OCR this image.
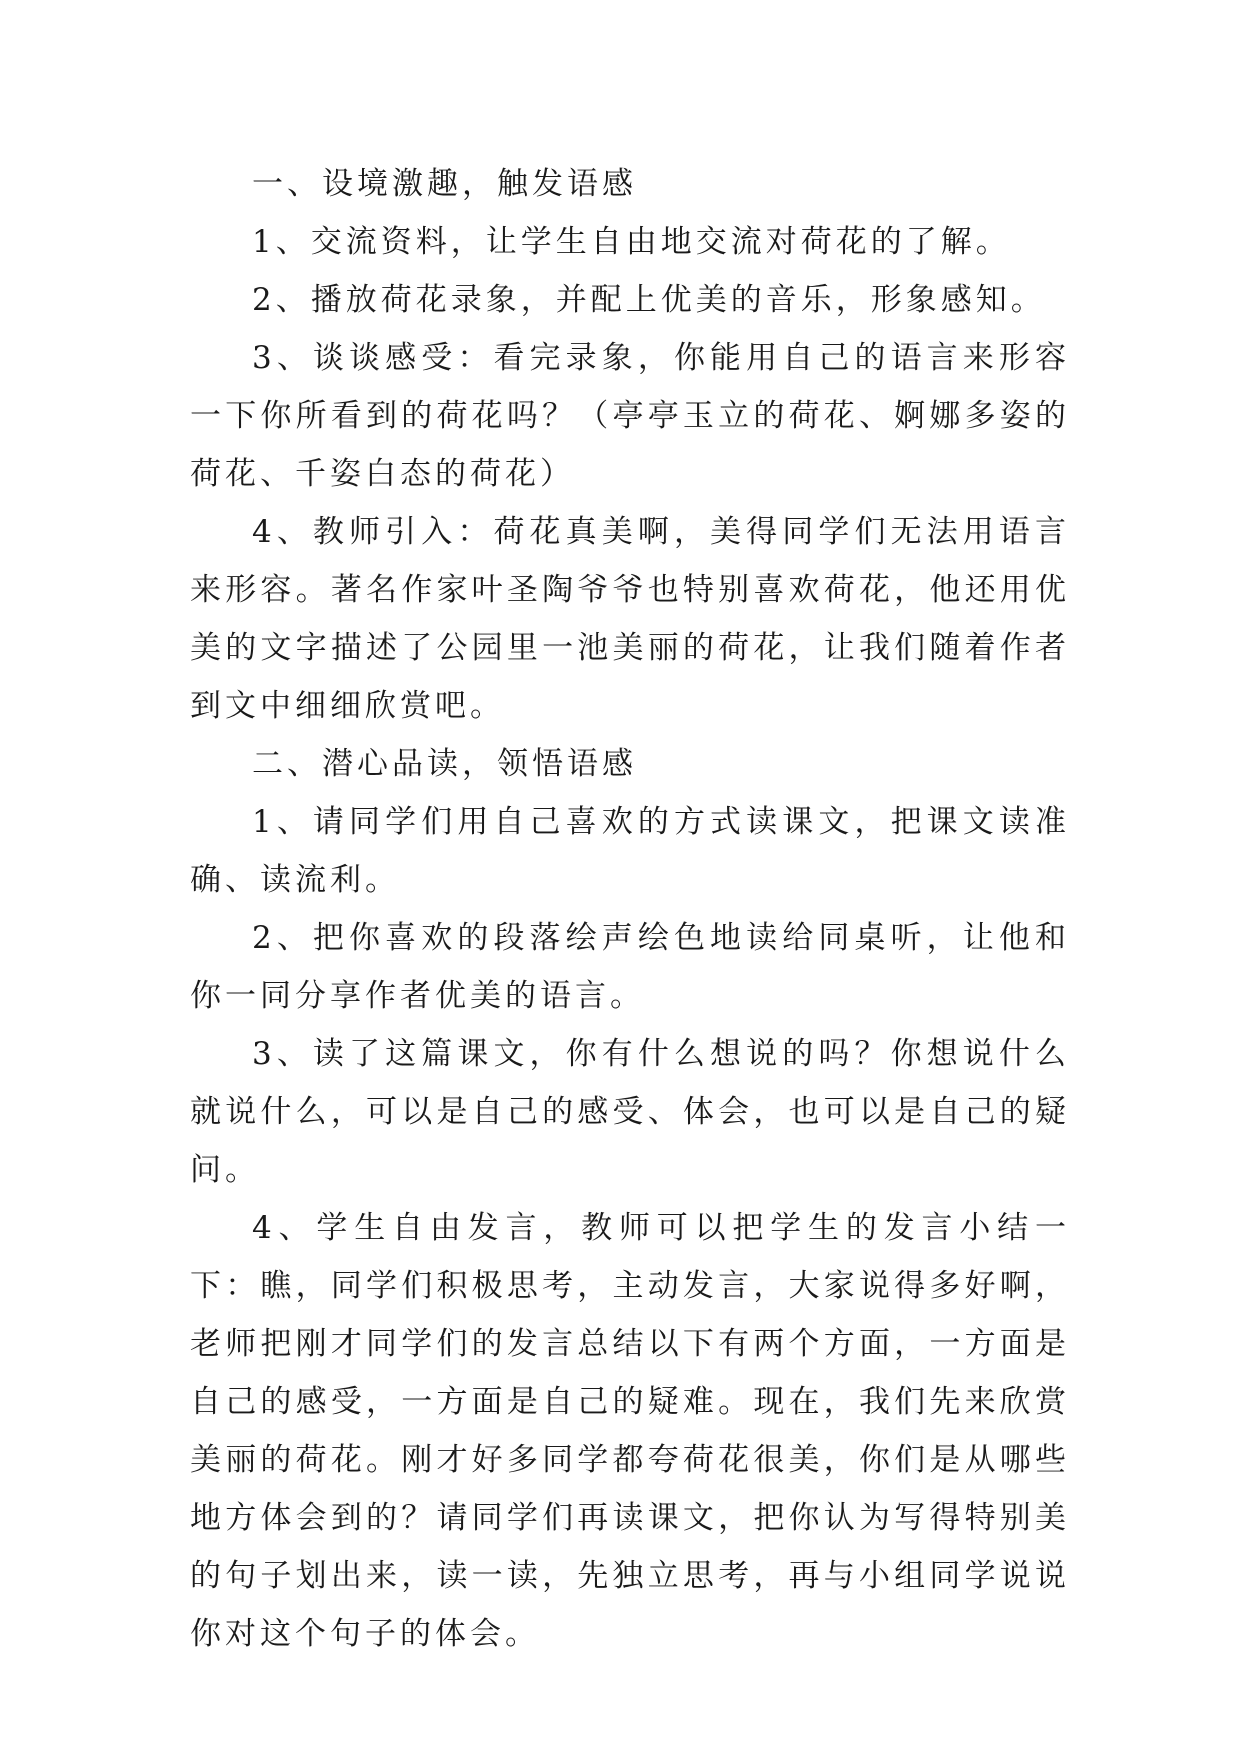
一、设境激趣，触发语感

1、交流资料，让学生自由地交流对荷花的了解。

2、播放荷花录象，并配上优美的音乐，形象感知。

3、谈谈感受：看完录象，你能用自己的语言来形容一下你所看到的荷花吗？（亭亭玉立的荷花、婀娜多姿的荷花、千姿白态的荷花）

4、教师引入：荷花真美啊，美得同学们无法用语言来形容。著名作家叶圣陶爷爷也特别喜欢荷花，他还用优美的文字描述了公园里一池美丽的荷花，让我们随着作者到文中细细欣赏吧。

二、潜心品读，领悟语感

1、请同学们用自己喜欢的方式读课文，把课文读准确、读流利。

2、把你喜欢的段落绘声绘色地读给同桌听，让他和你一同分享作者优美的语言。

3、读了这篇课文，你有什么想说的吗？你想说什么就说什么，可以是自己的感受、体会，也可以是自己的疑问。

4、学生自由发言，教师可以把学生的发言小结一下：瞧，同学们积极思考，主动发言，大家说得多好啊，老师把刚才同学们的发言总结以下有两个方面，一方面是自己的感受，一方面是自己的疑难。现在，我们先来欣赏美丽的荷花。刚才好多同学都夸荷花很美，你们是从哪些地方体会到的？请同学们再读课文，把你认为写得特别美的句子划出来，读一读，先独立思考，再与小组同学说说你对这个句子的体会。
